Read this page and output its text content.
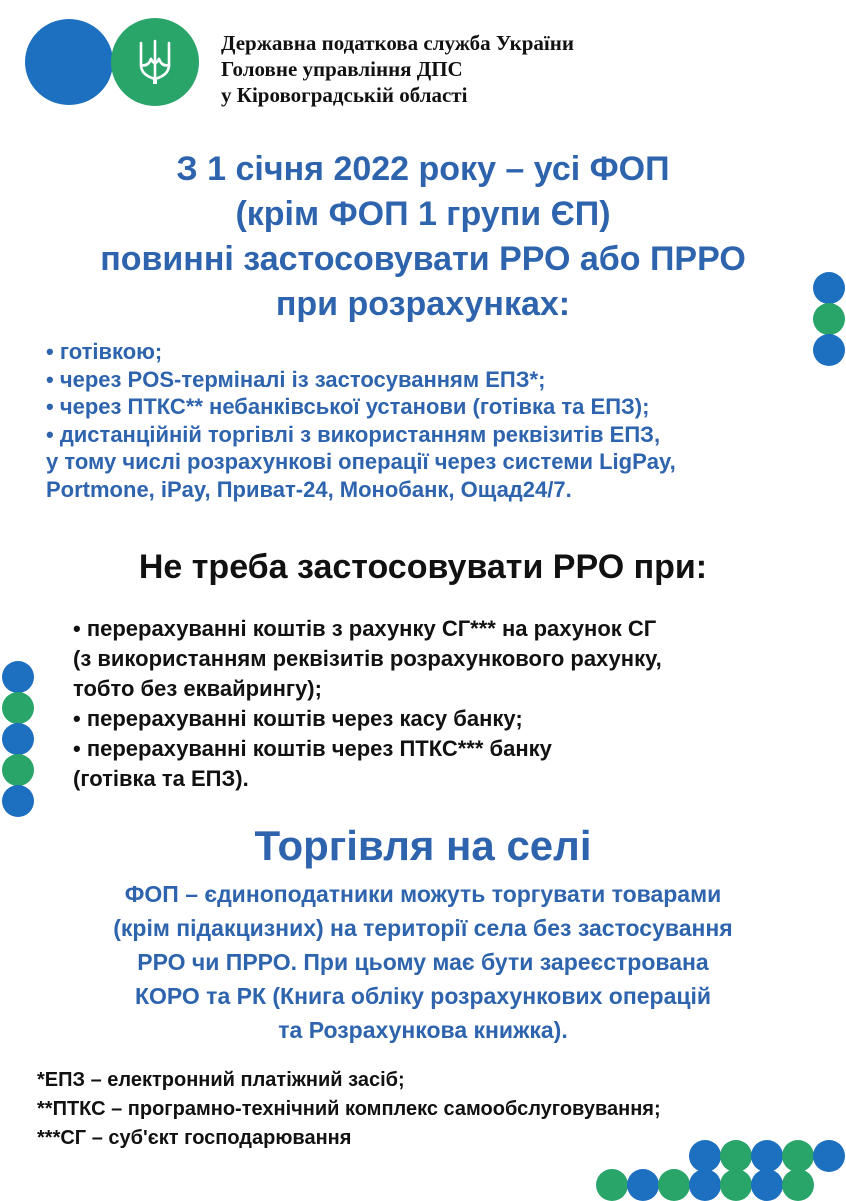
Державна податкова служба України
Головне управління ДПС
у Кіровоградській області
З 1 січня 2022 року – усі ФОП
(крім ФОП 1 групи ЄП)
повинні застосовувати РРО або ПРРО
при розрахунках:
• готівкою;
• через POS-терміналі із застосуванням ЕПЗ*;
• через ПТКС** небанківської установи (готівка та ЕПЗ);
• дистанційній торгівлі з використанням реквізитів ЕПЗ,
у тому числі розрахункові операції через системи LigPay,
Portmone, iPay, Приват-24, Монобанк, Ощад24/7.
Не треба застосовувати РРО при:
• перерахуванні коштів з рахунку СГ*** на рахунок СГ
(з використанням реквізитів розрахункового рахунку,
тобто без еквайрингу);
• перерахуванні коштів через касу банку;
• перерахуванні коштів через ПТКС*** банку
(готівка та ЕПЗ).
Торгівля на селі
ФОП – єдиноподатники можуть торгувати товарами
(крім підакцизних) на території села без застосування
РРО чи ПРРО. При цьому має бути зареєстрована
КОРО та РК (Книга обліку розрахункових операцій
та Розрахункова книжка).
*ЕПЗ – електронний платіжний засіб;
**ПТКС – програмно-технічний комплекс самообслуговування;
***СГ – суб'єкт господарювання
